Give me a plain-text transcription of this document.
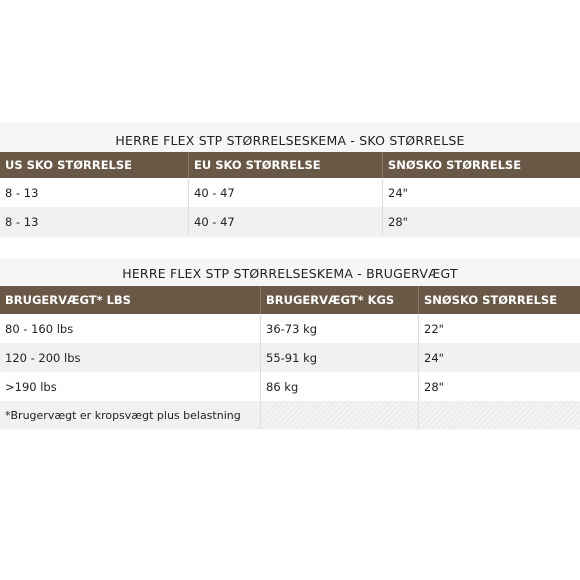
HERRE FLEX STP STØRRELSESKEMA - SKO STØRRELSE
US SKO STØRRELSE	EU SKO STØRRELSE	SNØSKO STØRRELSE
8 - 13	40 - 47	24"
8 - 13	40 - 47	28"
HERRE FLEX STP STØRRELSESKEMA - BRUGERVÆGT
BRUGERVÆGT* LBS	BRUGERVÆGT* KGS	SNØSKO STØRRELSE
80 - 160 lbs	36-73 kg	22"
120 - 200 lbs	55-91 kg	24"
>190 lbs	86 kg	28"
*Brugervægt er kropsvægt plus belastning
